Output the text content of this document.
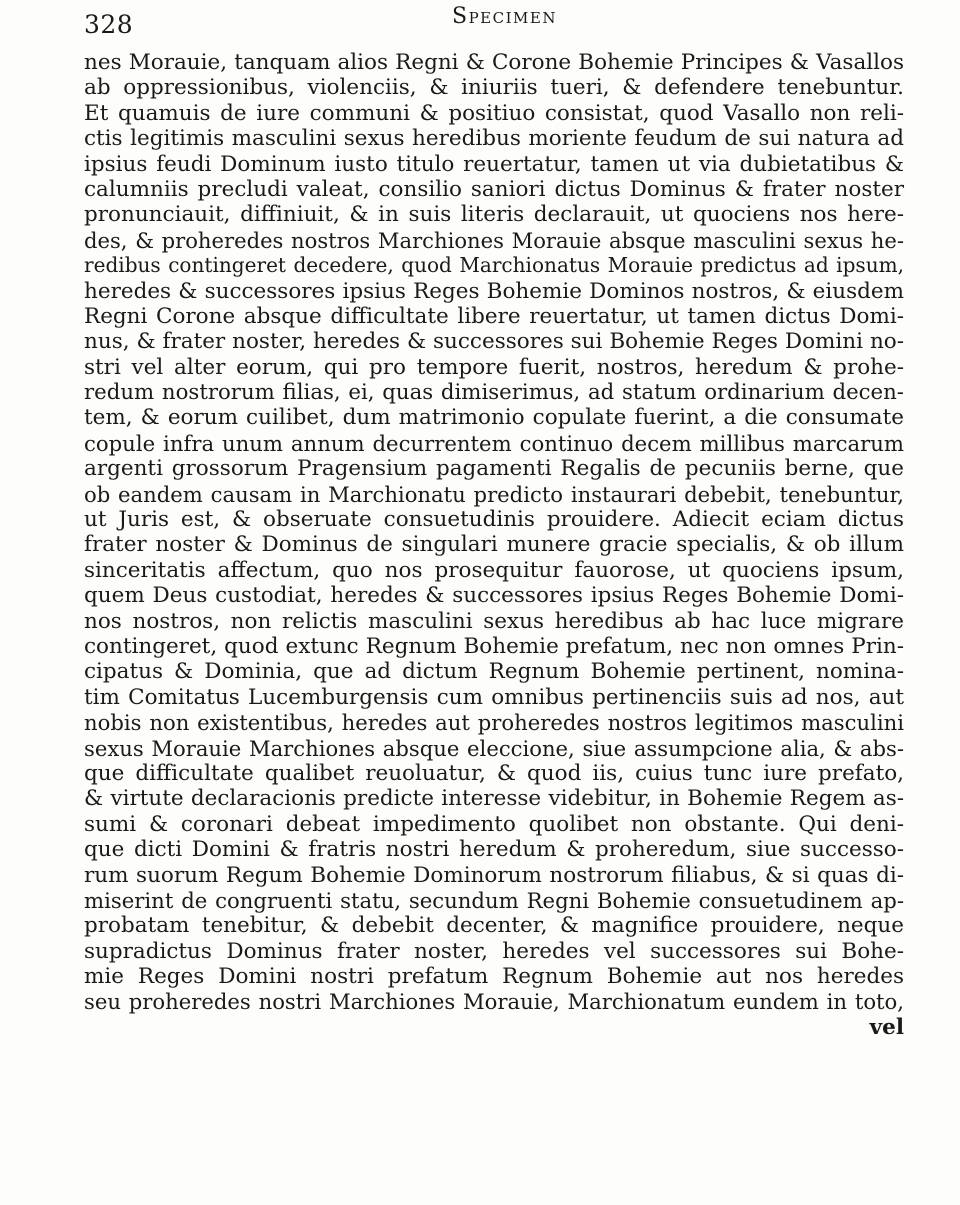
328	Specimen
nes Morauie, tanquam alios Regni & Corone Bohemie Principes & Vasallos
ab oppressionibus, violenciis, & iniuriis tueri, & defendere tenebuntur.
Et quamuis de iure communi & positiuo consistat, quod Vasallo non reli-
ctis legitimis masculini sexus heredibus moriente feudum de sui natura ad
ipsius feudi Dominum iusto titulo reuertatur, tamen ut via dubietatibus &
calumniis precludi valeat, consilio saniori dictus Dominus & frater noster
pronunciauit, diffiniuit, & in suis literis declarauit, ut quociens nos here-
des, & proheredes nostros Marchiones Morauie absque masculini sexus he-
redibus contingeret decedere, quod Marchionatus Morauie predictus ad ipsum,
heredes & successores ipsius Reges Bohemie Dominos nostros, & eiusdem
Regni Corone absque difficultate libere reuertatur, ut tamen dictus Domi-
nus, & frater noster, heredes & successores sui Bohemie Reges Domini no-
stri vel alter eorum, qui pro tempore fuerit, nostros, heredum & prohe-
redum nostrorum filias, ei, quas dimiserimus, ad statum ordinarium decen-
tem, & eorum cuilibet, dum matrimonio copulate fuerint, a die consumate
copule infra unum annum decurrentem continuo decem millibus marcarum
argenti grossorum Pragensium pagamenti Regalis de pecuniis berne, que
ob eandem causam in Marchionatu predicto instaurari debebit, tenebuntur,
ut Juris est, & obseruate consuetudinis prouidere. Adiecit eciam dictus
frater noster & Dominus de singulari munere gracie specialis, & ob illum
sinceritatis affectum, quo nos prosequitur fauorose, ut quociens ipsum,
quem Deus custodiat, heredes & successores ipsius Reges Bohemie Domi-
nos nostros, non relictis masculini sexus heredibus ab hac luce migrare
contingeret, quod extunc Regnum Bohemie prefatum, nec non omnes Prin-
cipatus & Dominia, que ad dictum Regnum Bohemie pertinent, nomina-
tim Comitatus Lucemburgensis cum omnibus pertinenciis suis ad nos, aut
nobis non existentibus, heredes aut proheredes nostros legitimos masculini
sexus Morauie Marchiones absque eleccione, siue assumpcione alia, & abs-
que difficultate qualibet reuoluatur, & quod iis, cuius tunc iure prefato,
& virtute declaracionis predicte interesse videbitur, in Bohemie Regem as-
sumi & coronari debeat impedimento quolibet non obstante. Qui deni-
que dicti Domini & fratris nostri heredum & proheredum, siue successo-
rum suorum Regum Bohemie Dominorum nostrorum filiabus, & si quas di-
miserint de congruenti statu, secundum Regni Bohemie consuetudinem ap-
probatam tenebitur, & debebit decenter, & magnifice prouidere, neque
supradictus Dominus frater noster, heredes vel successores sui Bohe-
mie Reges Domini nostri prefatum Regnum Bohemie aut nos heredes
seu proheredes nostri Marchiones Morauie, Marchionatum eundem in toto,
vel
